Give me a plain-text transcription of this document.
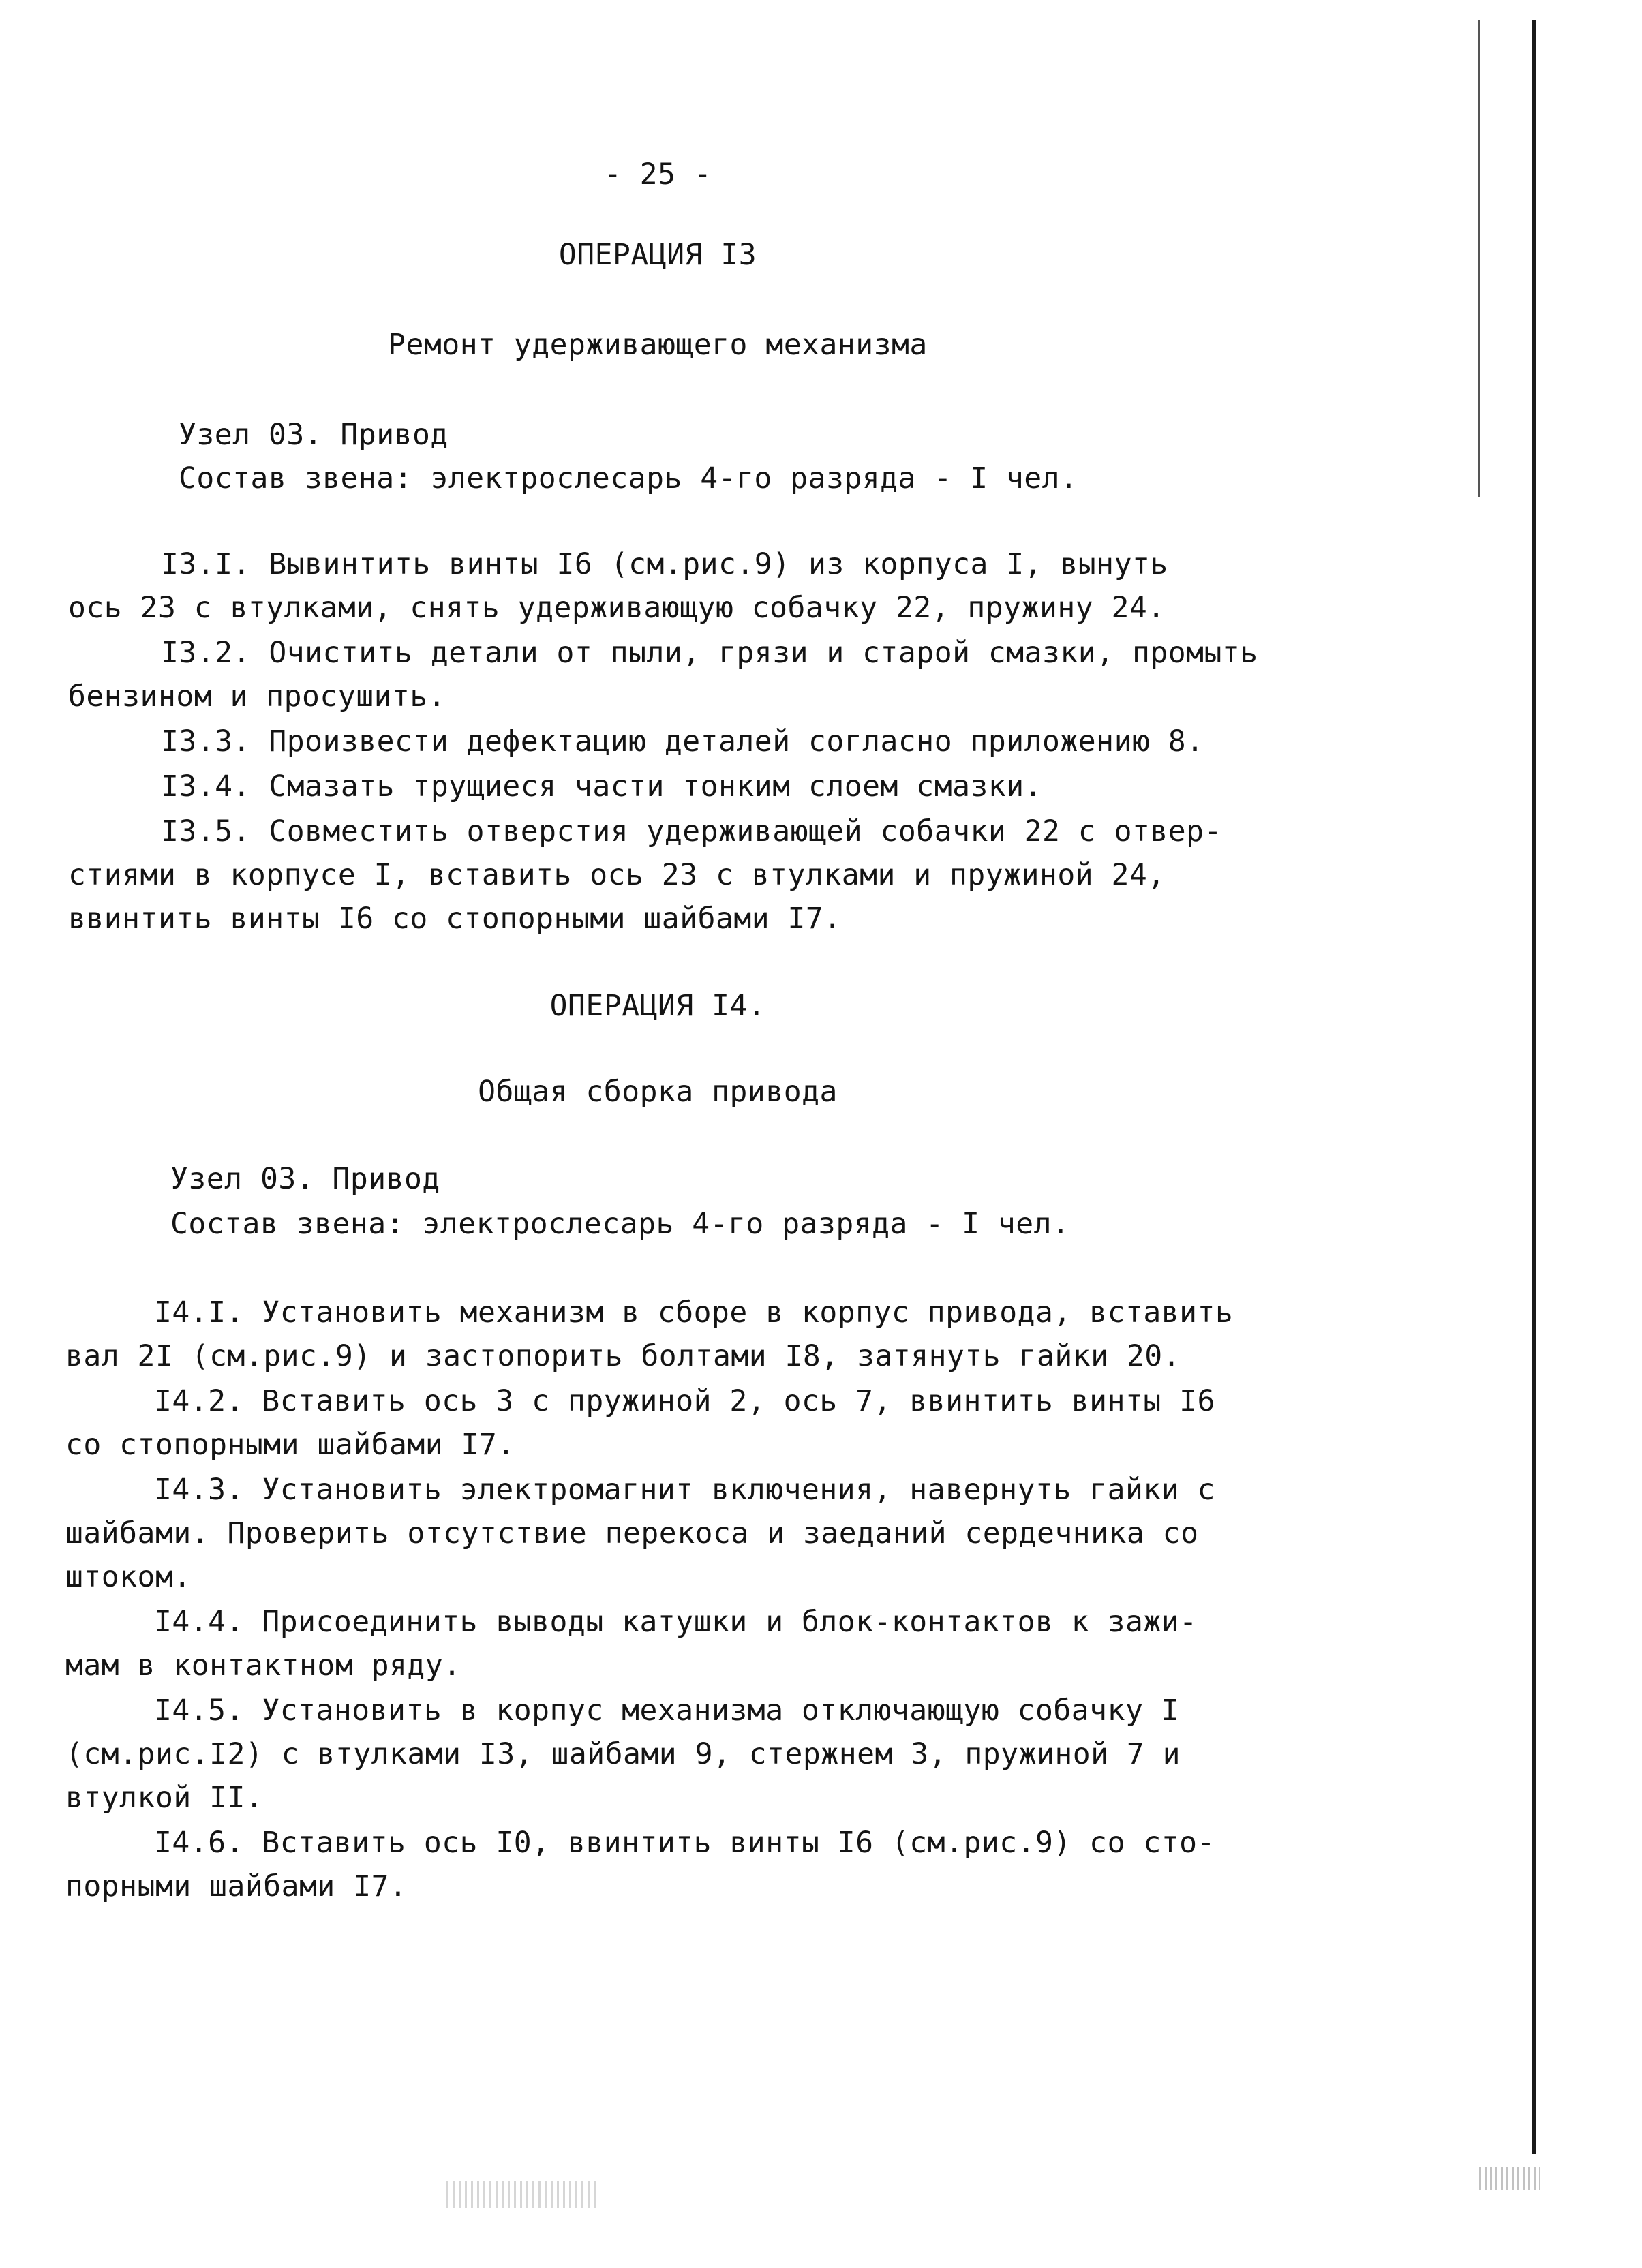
- 25 -
ОПЕРАЦИЯ I3
Ремонт удерживающего механизма
Узел 03. Привод
Состав звена: электрослесарь 4-го разряда - I чел.
I3.I. Вывинтить винты I6 (см.рис.9) из корпуса I, вынуть
ось 23 с втулками, снять удерживающую собачку 22, пружину 24.
I3.2. Очистить детали от пыли, грязи и старой смазки, промыть
бензином и просушить.
I3.3. Произвести дефектацию деталей согласно приложению 8.
I3.4. Смазать трущиеся части тонким слоем смазки.
I3.5. Совместить отверстия удерживающей собачки 22 с отвер-
стиями в корпусе I, вставить ось 23 с втулками и пружиной 24,
ввинтить винты I6 со стопорными шайбами I7.
ОПЕРАЦИЯ I4.
Общая сборка привода
Узел 03. Привод
Состав звена: электрослесарь 4-го разряда - I чел.
I4.I. Установить механизм в сборе в корпус привода, вставить
вал 2I (см.рис.9) и застопорить болтами I8, затянуть гайки 20.
I4.2. Вставить ось 3 с пружиной 2, ось 7, ввинтить винты I6
со стопорными шайбами I7.
I4.3. Установить электромагнит включения, навернуть гайки с
шайбами. Проверить отсутствие перекоса и заеданий сердечника со
штоком.
I4.4. Присоединить выводы катушки и блок-контактов к зажи-
мам в контактном ряду.
I4.5. Установить в корпус механизма отключающую собачку I
(см.рис.I2) с втулками I3, шайбами 9, стержнем 3, пружиной 7 и
втулкой II.
I4.6. Вставить ось I0, ввинтить винты I6 (см.рис.9) со сто-
порными шайбами I7.
